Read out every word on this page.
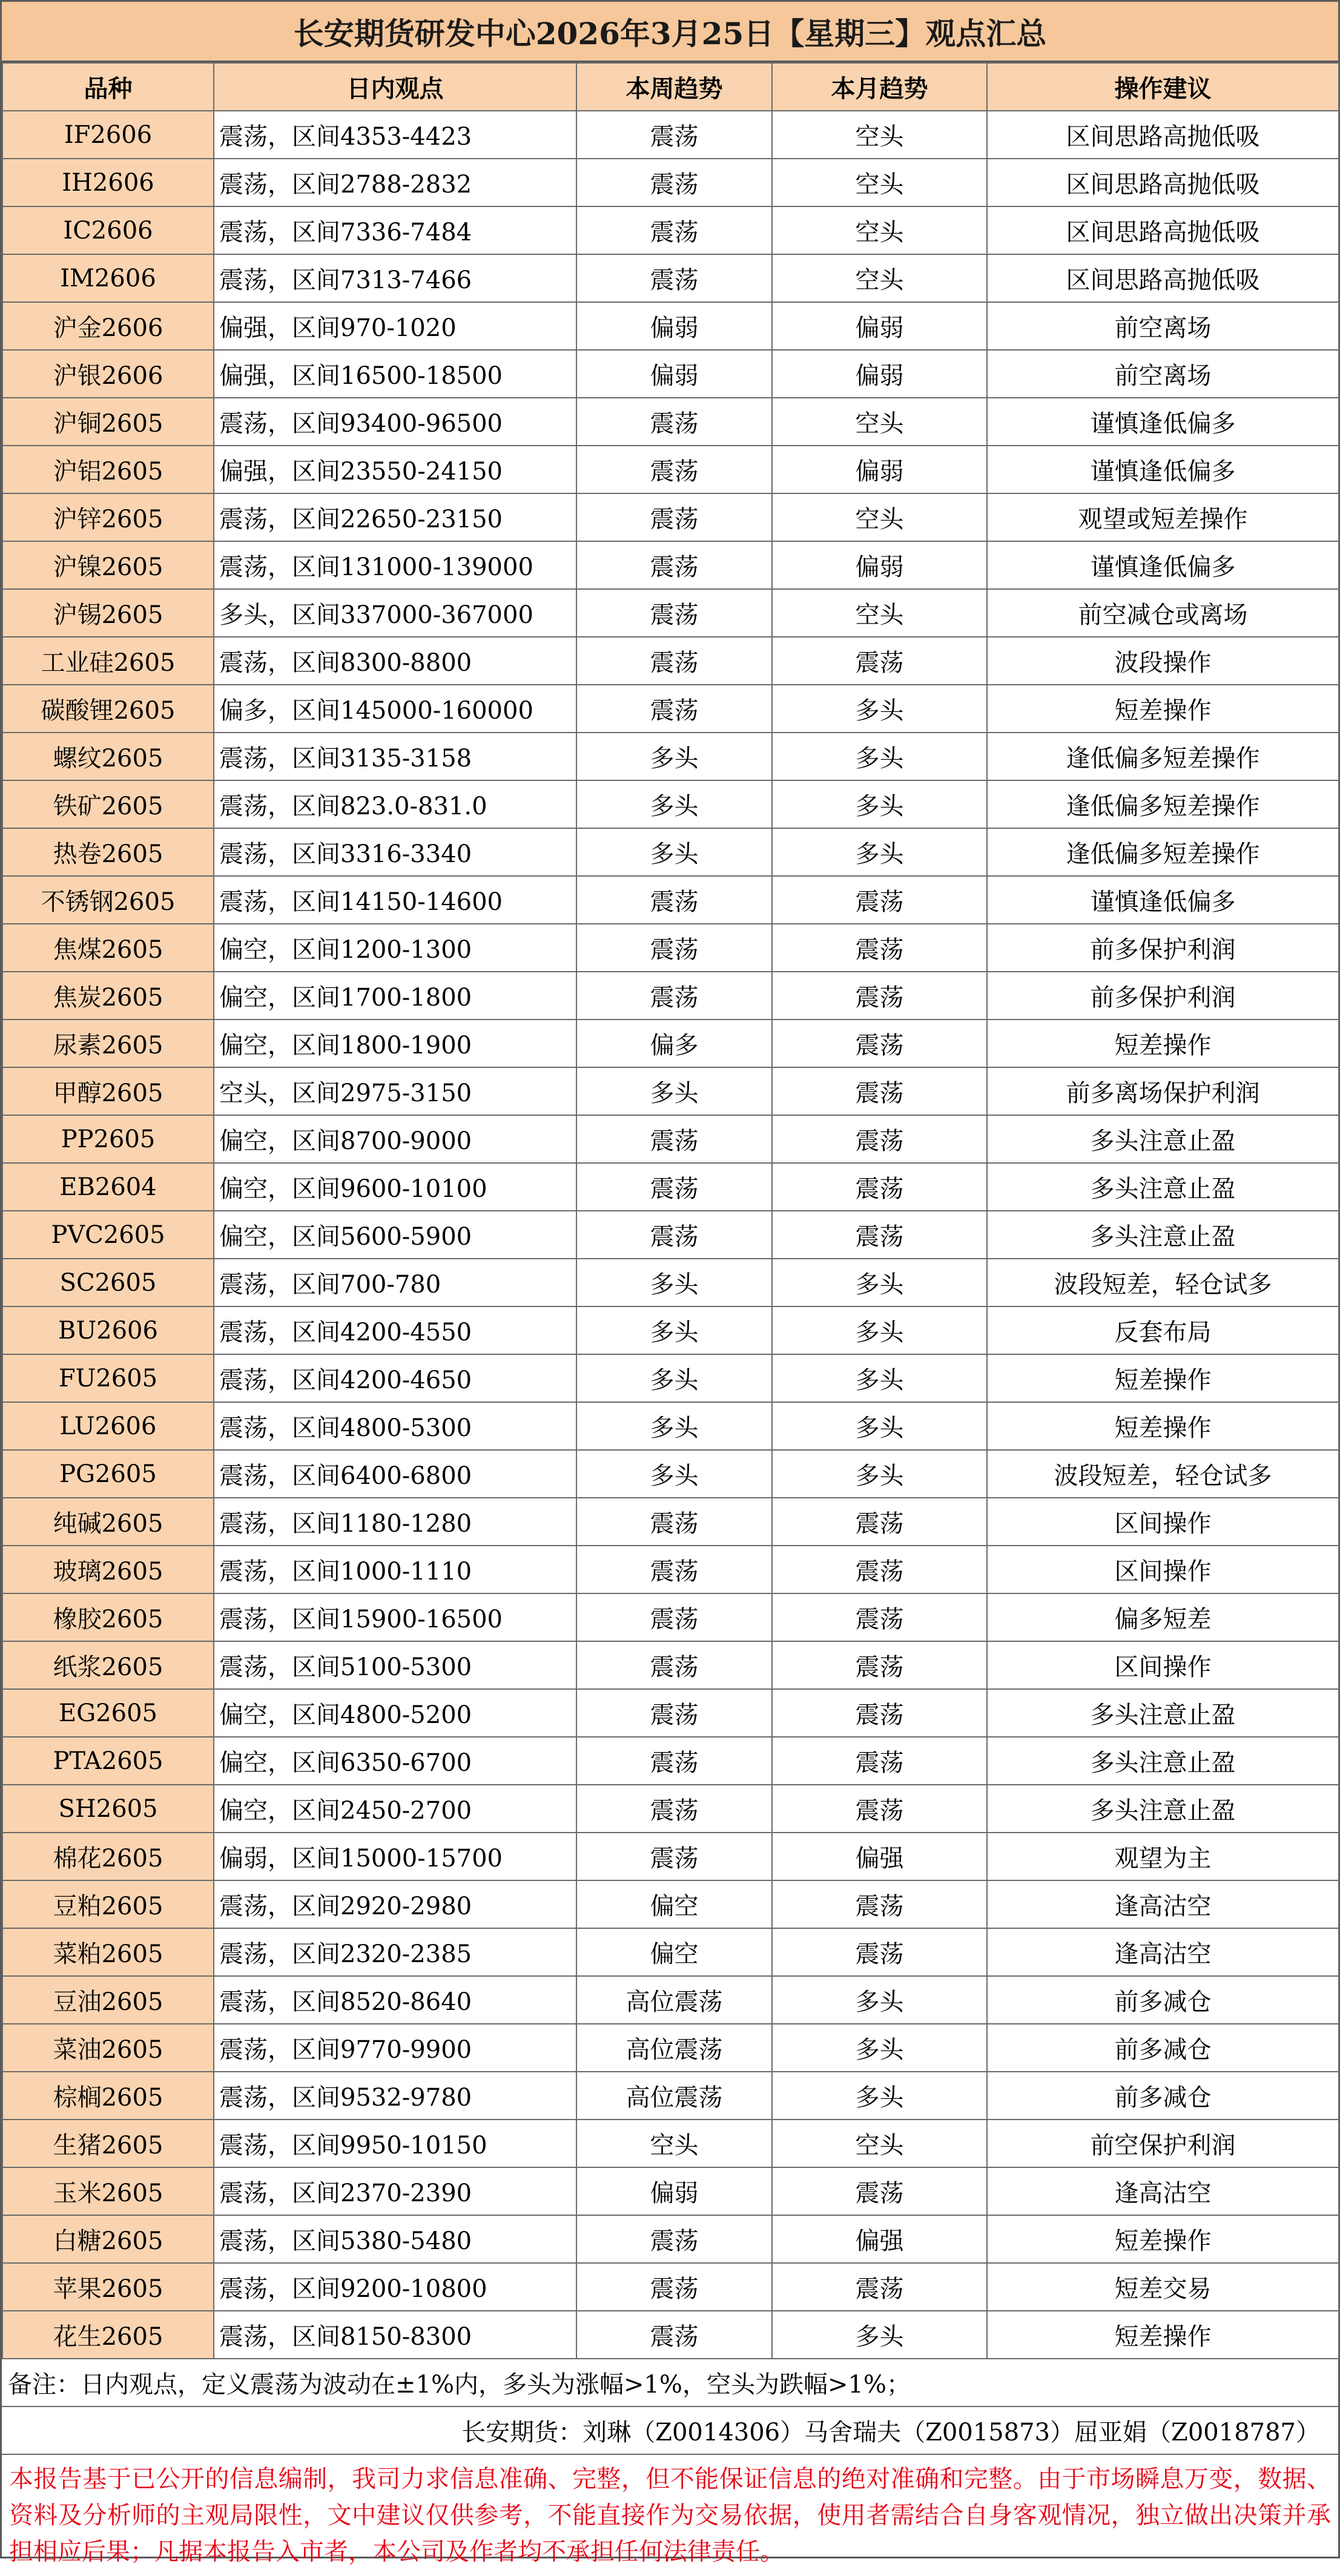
长安期货研发中心2026年3月25日【星期三】观点汇总
品种	日内观点	本周趋势	本月趋势	操作建议
IF2606	震荡，区间4353-4423	震荡	空头	区间思路高抛低吸
IH2606	震荡，区间2788-2832	震荡	空头	区间思路高抛低吸
IC2606	震荡，区间7336-7484	震荡	空头	区间思路高抛低吸
IM2606	震荡，区间7313-7466	震荡	空头	区间思路高抛低吸
沪金2606	偏强，区间970-1020	偏弱	偏弱	前空离场
沪银2606	偏强，区间16500-18500	偏弱	偏弱	前空离场
沪铜2605	震荡，区间93400-96500	震荡	空头	谨慎逢低偏多
沪铝2605	偏强，区间23550-24150	震荡	偏弱	谨慎逢低偏多
沪锌2605	震荡，区间22650-23150	震荡	空头	观望或短差操作
沪镍2605	震荡，区间131000-139000	震荡	偏弱	谨慎逢低偏多
沪锡2605	多头，区间337000-367000	震荡	空头	前空减仓或离场
工业硅2605	震荡，区间8300-8800	震荡	震荡	波段操作
碳酸锂2605	偏多，区间145000-160000	震荡	多头	短差操作
螺纹2605	震荡，区间3135-3158	多头	多头	逢低偏多短差操作
铁矿2605	震荡，区间823.0-831.0	多头	多头	逢低偏多短差操作
热卷2605	震荡，区间3316-3340	多头	多头	逢低偏多短差操作
不锈钢2605	震荡，区间14150-14600	震荡	震荡	谨慎逢低偏多
焦煤2605	偏空，区间1200-1300	震荡	震荡	前多保护利润
焦炭2605	偏空，区间1700-1800	震荡	震荡	前多保护利润
尿素2605	偏空，区间1800-1900	偏多	震荡	短差操作
甲醇2605	空头，区间2975-3150	多头	震荡	前多离场保护利润
PP2605	偏空，区间8700-9000	震荡	震荡	多头注意止盈
EB2604	偏空，区间9600-10100	震荡	震荡	多头注意止盈
PVC2605	偏空，区间5600-5900	震荡	震荡	多头注意止盈
SC2605	震荡，区间700-780	多头	多头	波段短差，轻仓试多
BU2606	震荡，区间4200-4550	多头	多头	反套布局
FU2605	震荡，区间4200-4650	多头	多头	短差操作
LU2606	震荡，区间4800-5300	多头	多头	短差操作
PG2605	震荡，区间6400-6800	多头	多头	波段短差，轻仓试多
纯碱2605	震荡，区间1180-1280	震荡	震荡	区间操作
玻璃2605	震荡，区间1000-1110	震荡	震荡	区间操作
橡胶2605	震荡，区间15900-16500	震荡	震荡	偏多短差
纸浆2605	震荡，区间5100-5300	震荡	震荡	区间操作
EG2605	偏空，区间4800-5200	震荡	震荡	多头注意止盈
PTA2605	偏空，区间6350-6700	震荡	震荡	多头注意止盈
SH2605	偏空，区间2450-2700	震荡	震荡	多头注意止盈
棉花2605	偏弱，区间15000-15700	震荡	偏强	观望为主
豆粕2605	震荡，区间2920-2980	偏空	震荡	逢高沽空
菜粕2605	震荡，区间2320-2385	偏空	震荡	逢高沽空
豆油2605	震荡，区间8520-8640	高位震荡	多头	前多减仓
菜油2605	震荡，区间9770-9900	高位震荡	多头	前多减仓
棕榈2605	震荡，区间9532-9780	高位震荡	多头	前多减仓
生猪2605	震荡，区间9950-10150	空头	空头	前空保护利润
玉米2605	震荡，区间2370-2390	偏弱	震荡	逢高沽空
白糖2605	震荡，区间5380-5480	震荡	偏强	短差操作
苹果2605	震荡，区间9200-10800	震荡	震荡	短差交易
花生2605	震荡，区间8150-8300	震荡	多头	短差操作
备注：日内观点，定义震荡为波动在±1%内，多头为涨幅>1%，空头为跌幅>1%；
长安期货：刘琳（Z0014306）马舍瑞夫（Z0015873）屈亚娟（Z0018787）
本报告基于已公开的信息编制，我司力求信息准确、完整，但不能保证信息的绝对准确和完整。由于市场瞬息万变，数据、资料及分析师的主观局限性，文中建议仅供参考，不能直接作为交易依据，使用者需结合自身客观情况，独立做出决策并承担相应后果；凡据本报告入市者，本公司及作者均不承担任何法律责任。
